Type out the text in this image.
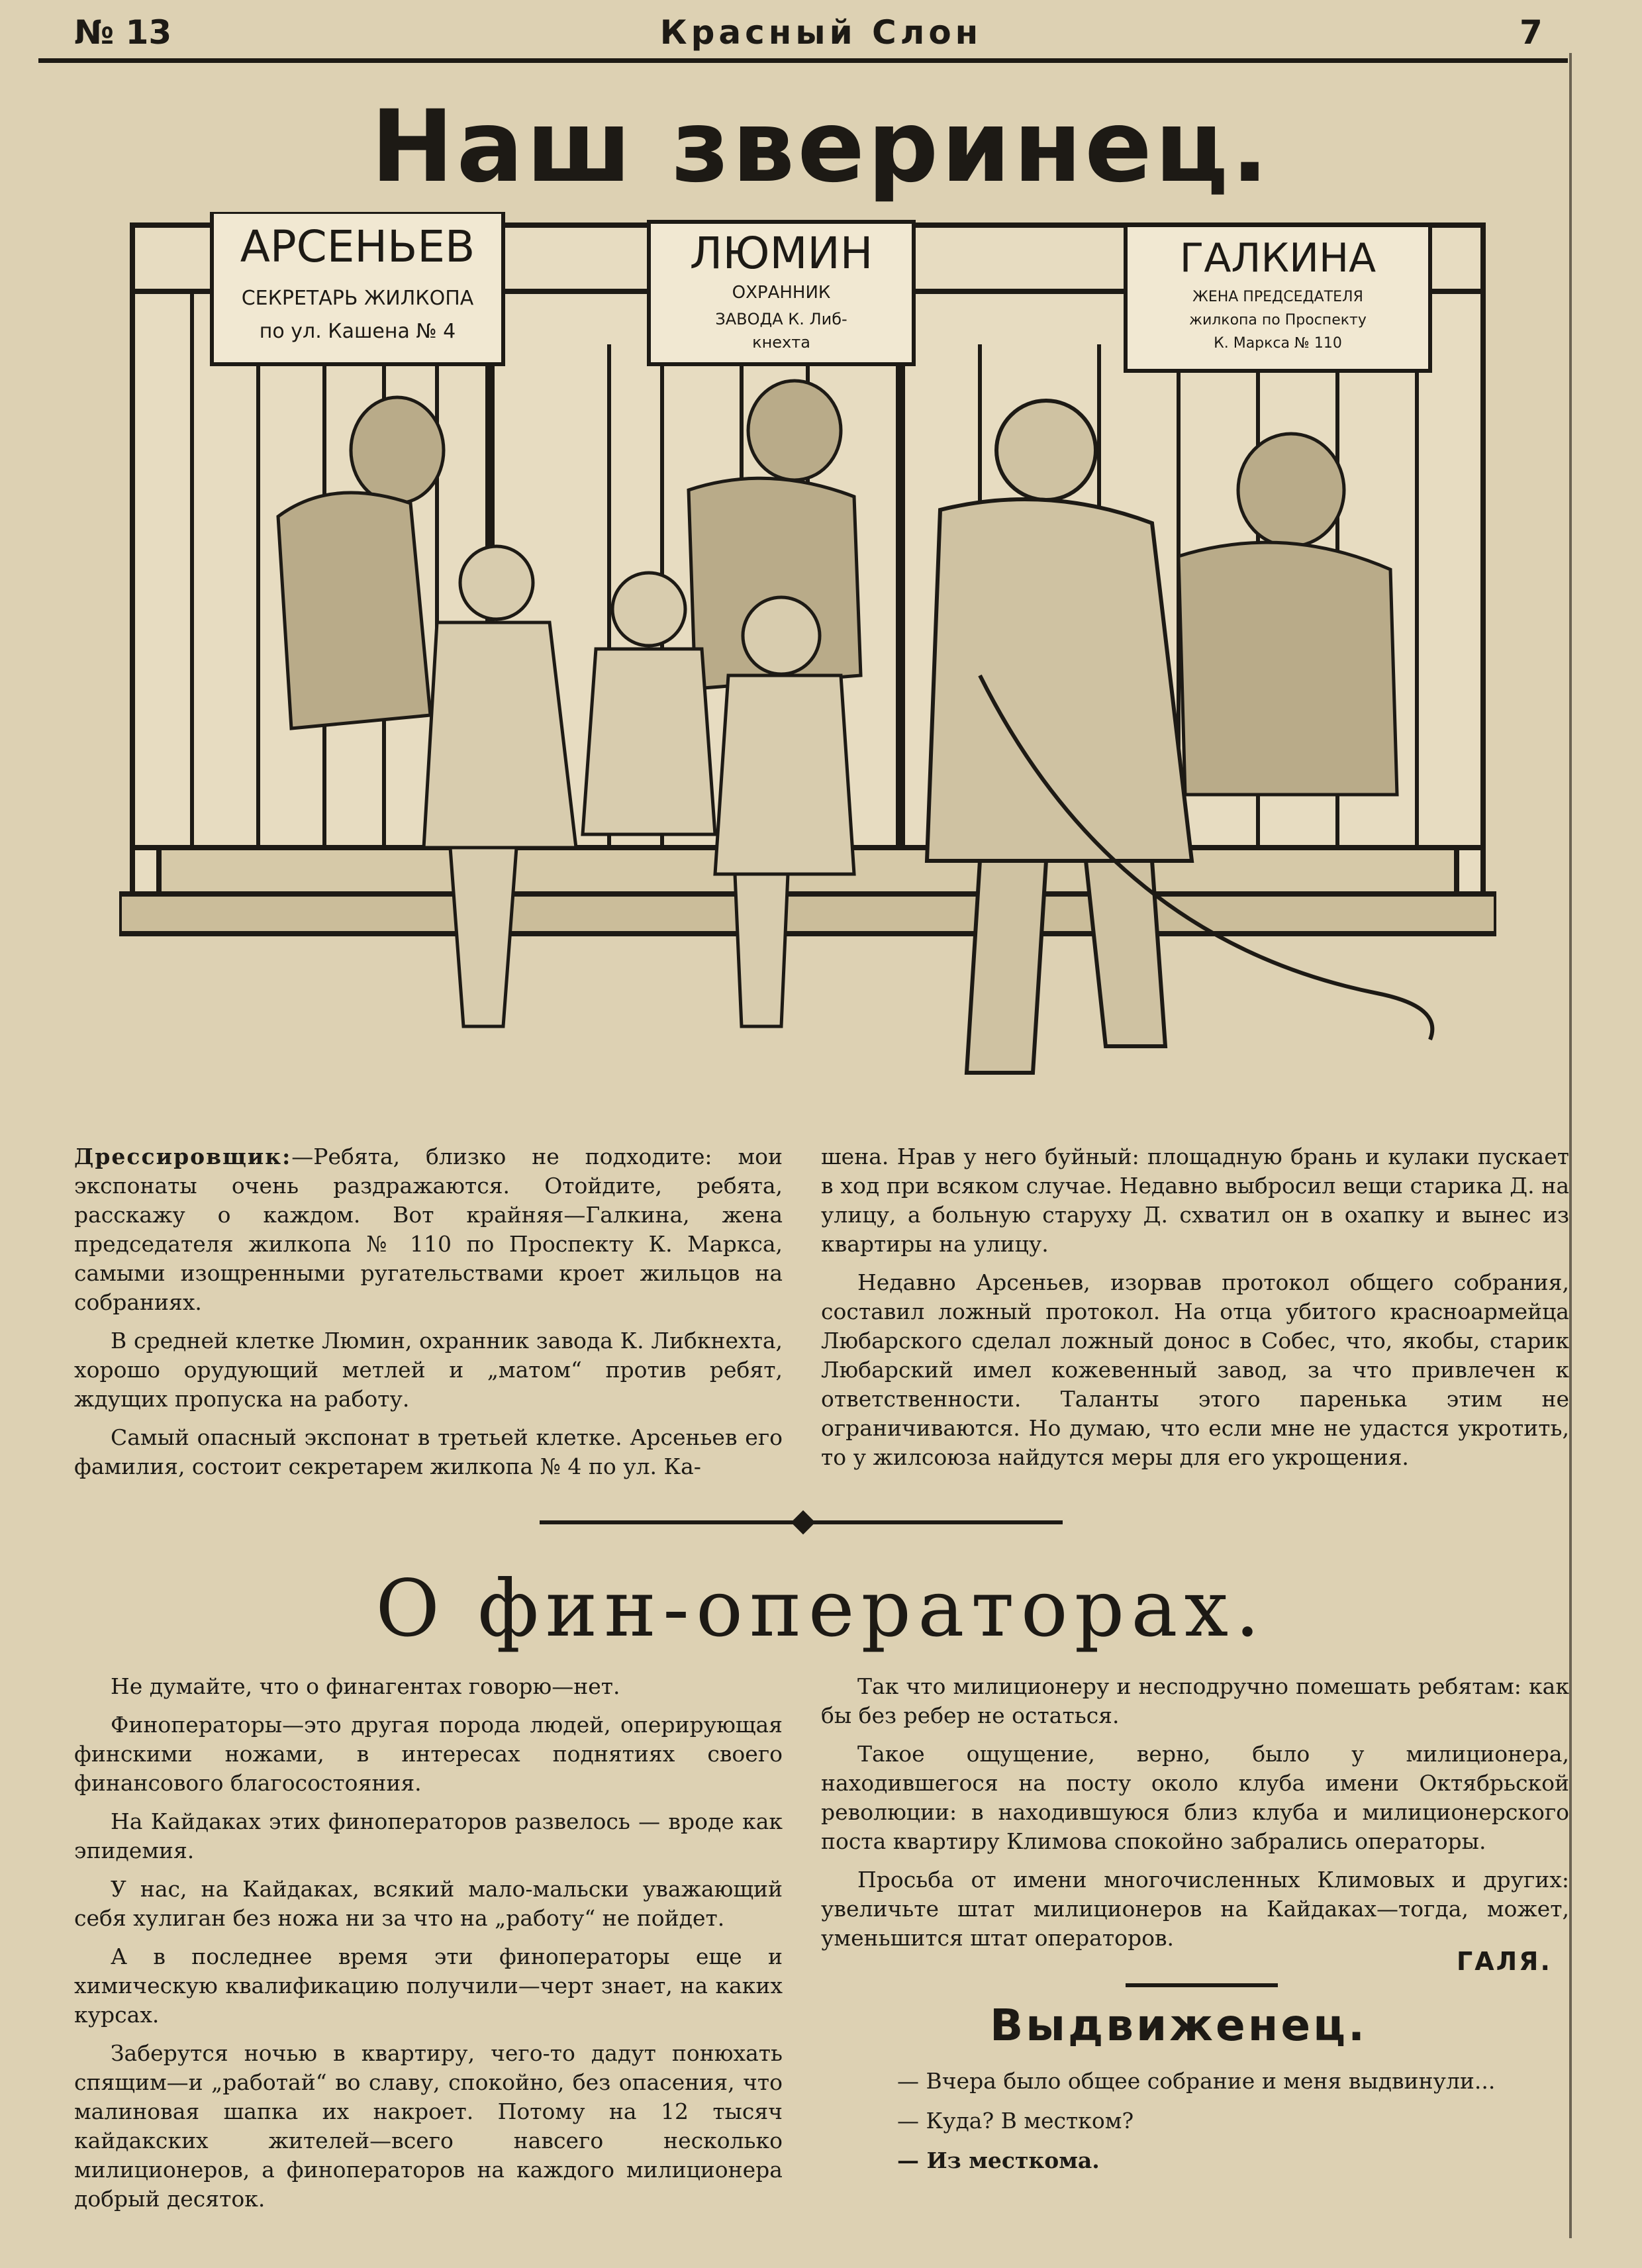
№ 13	Красный Слон	7
Наш зверинец.
АРСЕНЬЕВ
СЕКРЕТАРЬ ЖИЛКОПА
по ул. Кашена № 4
ЛЮМИН
ОХРАННИК
ЗАВОДА К. Либ-
кнехта
ГАЛКИНА
ЖЕНА ПРЕДСЕДАТЕЛЯ
жилкопа по Проспекту
К. Маркса № 110

Дрессировщик:—Ребята, близко не подходите: мои экспонаты очень раздражаются. Отойдите, ребята, расскажу о каждом. Вот крайняя—Галкина, жена председателя жилкопа № 110 по Проспекту К. Маркса, самыми изощренными ругательствами кроет жильцов на собраниях.

В средней клетке Люмин, охранник завода К. Либкнехта, хорошо орудующий метлей и „матом“ против ребят, ждущих пропуска на работу.

Самый опасный экспонат в третьей клетке. Арсеньев его фамилия, состоит секретарем жилкопа № 4 по ул. Ка-

шена. Нрав у него буйный: площадную брань и кулаки пускает в ход при всяком случае. Недавно выбросил вещи старика Д. на улицу, а больную старуху Д. схватил он в охапку и вынес из квартиры на улицу.

Недавно Арсеньев, изорвав протокол общего собрания, составил ложный протокол. На отца убитого красноармейца Любарского сделал ложный донос в Собес, что, якобы, старик Любарский имел кожевенный завод, за что привлечен к ответственности. Таланты этого паренька этим не ограничиваются. Но думаю, что если мне не удастся укротить, то у жилсоюза найдутся меры для его укрощения.

О фин-операторах.

Не думайте, что о финагентах говорю—нет.

Финоператоры—это другая порода людей, оперирующая финскими ножами, в интересах поднятиях своего финансового благосостояния.

На Кайдаках этих финоператоров развелось — вроде как эпидемия.

У нас, на Кайдаках, всякий мало-мальски уважающий себя хулиган без ножа ни за что на „работу“ не пойдет.

А в последнее время эти финоператоры еще и химическую квалификацию получили—черт знает, на каких курсах.

Заберутся ночью в квартиру, чего-то дадут понюхать спящим—и „работай“ во славу, спокойно, без опасения, что малиновая шапка их накроет. Потому на 12 тысяч кайдакских жителей—всего навсего несколько милиционеров, а финоператоров на каждого милиционера добрый десяток.

Так что милиционеру и несподручно помешать ребятам: как бы без ребер не остаться.

Такое ощущение, верно, было у милиционера, находившегося на посту около клуба имени Октябрьской революции: в находившуюся близ клуба и милиционерского поста квартиру Климова спокойно забрались операторы.

Просьба от имени многочисленных Климовых и других: увеличьте штат милиционеров на Кайдаках—тогда, может, уменьшится штат операторов.

ГАЛЯ.
Выдвиженец.

— Вчера было общее собрание и меня выдвинули...

— Куда? В местком?

— Из месткома.
